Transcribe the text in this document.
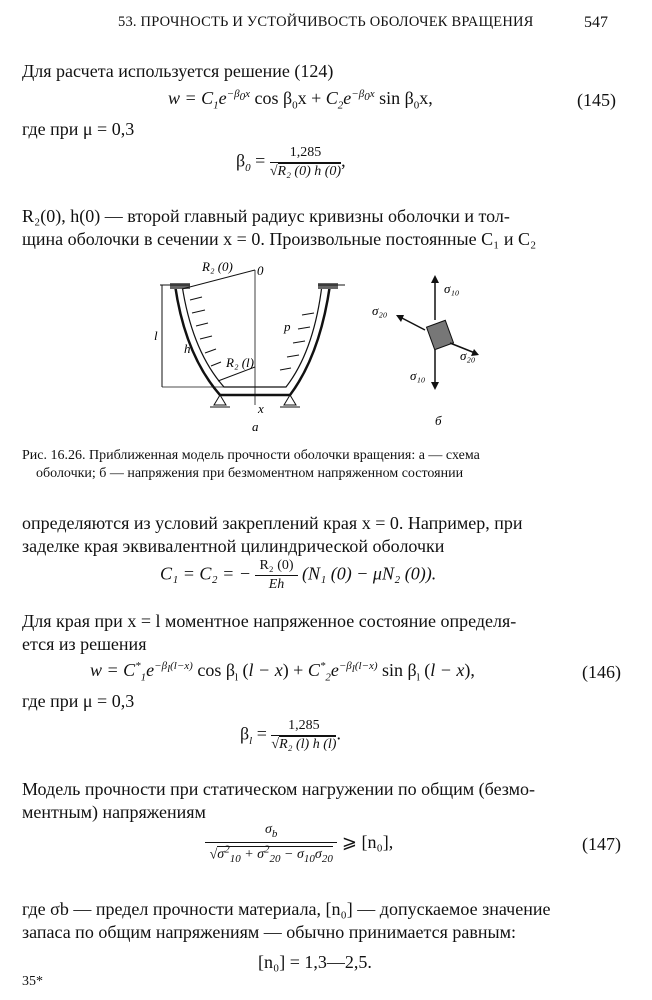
53. ПРОЧНОСТЬ И УСТОЙЧИВОСТЬ ОБОЛОЧЕК ВРАЩЕНИЯ	547
Для расчета используется решение (124)
$w = C_1e^{-\beta_0x}$ $\cos \beta_0x + C_2e^{-\beta_0x}$ $\sin \beta_0x$,	(145)
где при μ = 0,3
$\beta_0 = \frac{1,285}{\text{√R₂ (0) h (0)}}$ ,
R₂(0), h(0) — второй главный радиус кривизны оболочки и тол-
щина оболочки в сечении x = 0. Произвольные постоянные C₁ и C₂
R₂ (0) 0
l
h
p
R₂ (l)
x
а	б
σ₁₀
σ₂₀
σ₂₀
σ₁₀
Рис. 16.26. Приближенная модель прочности оболочки вращения: а — схема
оболочки; б — напряжения при безмоментном напряженном состоянии
определяются из условий закреплений края x = 0. Например, при
заделке края эквивалентной цилиндрической оболочки
C₁ = C₂ = − $\frac{\text{R₂ (0)}}{Eh} (N_1$ (0) − μN₂ (0)).
Для края при x = l моментное напряженное состояние определя-
ется из решения
$w = C^*_1e^{-\beta_l(l-x)}$ $\cos \beta_l$ $(l - x) + C^*_2e^{-\beta_l(l-x)}$ $\sin \beta_l$ (l − x),	(146)
где при μ = 0,3
$\beta_l = \frac{1,285}{\text{√R₂ (l) h (l)}}$ .
Модель прочности при статическом нагружении по общим (безмо-
ментным) напряжениям
$\frac{\sigma_b}{√\sigma^2_{10} + \sigma^2_{20} - \sigma_{10}\sigma_{20}}$ ⩾ [n₀],	(147)
где σb — предел прочности материала, [n₀] — допускаемое значение
запаса по общим напряжениям — обычно принимается равным:
[n₀] = 1,3—2,5.
35*
